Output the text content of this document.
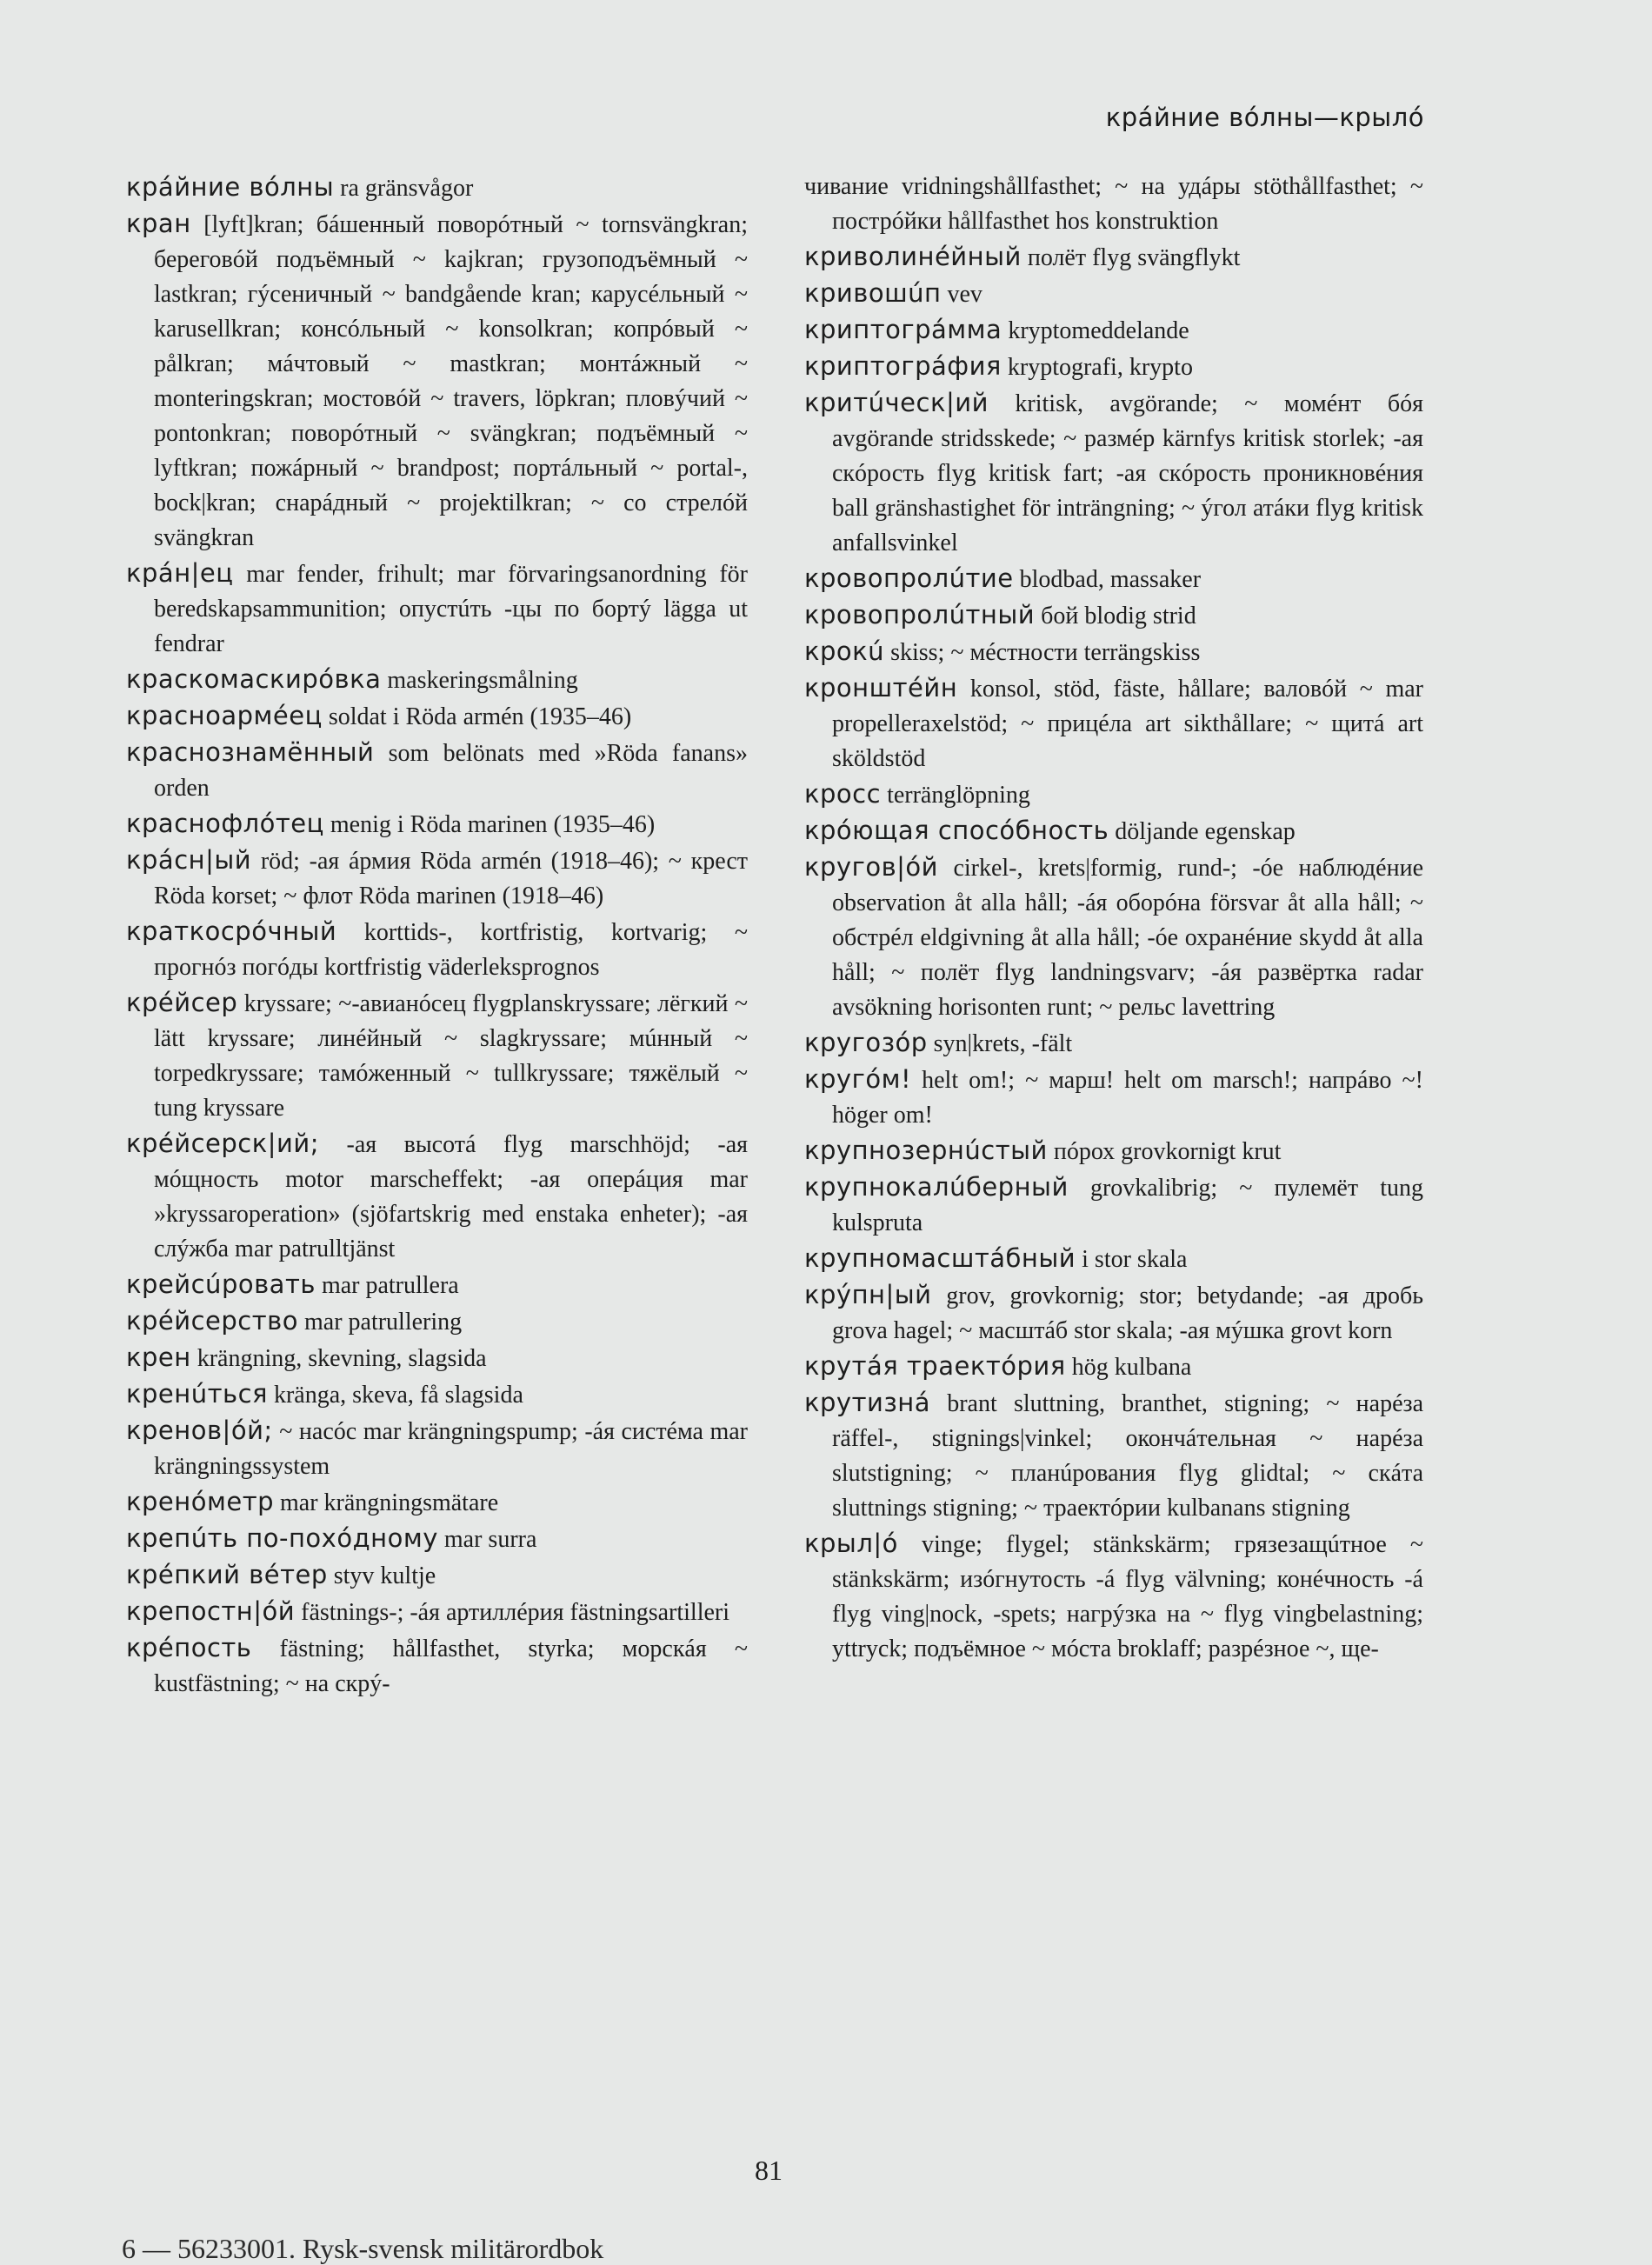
крáйние вóлны—крылó
крáйние вóлны ra gränsvågor
кран [lyft]kran; бáшенный поворóтный ~ tornsvängkran; береговóй подъёмный ~ kajkran; грузоподъёмный ~ lastkran; гýсеничный ~ bandgående kran; карусéльный ~ karusellkran; консóльный ~ konsolkran; копрóвый ~ pålkran; мáчтовый ~ mastkran; монтáжный ~ monteringskran; мостовóй ~ travers, löpkran; пловýчий ~ pontonkran; поворóтный ~ svängkran; подъёмный ~ lyftkran; пожáрный ~ brandpost; портáльный ~ portal-, bock|kran; снарáдный ~ projektilkran; ~ со стрелóй svängkran
крáн|ец mar fender, frihult; mar förvaringsanordning för beredskapsammunition; опустúть -цы по бортý lägga ut fendrar
краскомаскирóвка maskeringsmålning
красноармéец soldat i Röda armén (1935–46)
краснознамённый som belönats med »Röda fanans» orden
краснофлóтец menig i Röda marinen (1935–46)
крáсн|ый röd; -ая áрмия Röda armén (1918–46); ~ крест Röda korset; ~ флот Röda marinen (1918–46)
краткосрóчный korttids-, kortfristig, kortvarig; ~ прогнóз погóды kortfristig väderleksprognos
крéйсер kryssare; ~-авианóсец flygplanskryssare; лёгкий ~ lätt kryssare; линéйный ~ slagkryssare; мúнный ~ torpedkryssare; тамóженный ~ tullkryssare; тяжёлый ~ tung kryssare
крéйсерск|ий; -ая высотá flyg marschhöjd; -ая мóщность motor marscheffekt; -ая оперáция mar »kryssaroperation» (sjöfartskrig med enstaka enheter); -ая слýжба mar patrulltjänst
крейсúровать mar patrullera
крéйсерство mar patrullering
крен krängning, skevning, slagsida
кренúться kränga, skeva, få slagsida
кренов|óй; ~ насóс mar krängningspump; -áя систéма mar krängningssystem
кренóметр mar krängningsmätare
крепúть по-похóдному mar surra
крéпкий вéтер styv kultje
крепостн|óй fästnings-; -áя артиллéрия fästningsartilleri
крéпость fästning; hållfasthet, styrka; морскáя ~ kustfästning; ~ на скрý-
чивание vridningshållfasthet; ~ на удáры stöthållfasthet; ~ пострóйки hållfasthet hos konstruktion
криволинéйный полёт flyg svängflykt
кривошúп vev
криптогрáмма kryptomeddelande
криптогрáфия kryptografi, krypto
критúческ|ий kritisk, avgörande; ~ момéнт бóя avgörande stridsskede; ~ размéр kärnfys kritisk storlek; -ая скóрость flyg kritisk fart; -ая скóрость проникновéния ball gränshastighet för inträngning; ~ ýгол атáки flyg kritisk anfallsvinkel
кровопролúтие blodbad, massaker
кровопролúтный бой blodig strid
крокú skiss; ~ мéстности terrängskiss
кронштéйн konsol, stöd, fäste, hållare; валовóй ~ mar propelleraxelstöd; ~ прицéла art sikthållare; ~ щитá art sköldstöd
кросс terränglöpning
крóющая спосóбность döljande egenskap
кругов|óй cirkel-, krets|formig, rund-; -óе наблюдéние observation åt alla håll; -áя оборóна försvar åt alla håll; ~ обстрéл eldgivning åt alla håll; -óе охранéние skydd åt alla håll; ~ полёт flyg landningsvarv; -áя развёртка radar avsökning horisonten runt; ~ рельс lavettring
кругозóр syn|krets, -fält
кругóм! helt om!; ~ марш! helt om marsch!; напрáво ~! höger om!
крупнозернúстый пóрох grovkornigt krut
крупнокалúберный grovkalibrig; ~ пулемёт tung kulspruta
крупномасштáбный i stor skala
крýпн|ый grov, grovkornig; stor; betydande; -ая дробь grova hagel; ~ масштáб stor skala; -ая мýшка grovt korn
крутáя траектóрия hög kulbana
крутизнá brant sluttning, branthet, stigning; ~ нарéза räffel-, stignings|vinkel; окончáтельная ~ нарéза slutstigning; ~ планúрования flyg glidtal; ~ скáта sluttnings stigning; ~ траектóрии kulbanans stigning
крыл|ó vinge; flygel; stänkskärm; грязезащúтное ~ stänkskärm; изóгнутость -á flyg välvning; конéчность -á flyg ving|nock, -spets; нагрýзка на ~ flyg vingbelastning; yttryck; подъёмное ~ мóста broklaff; разрéзное ~, ще-
81
6 — 56233001. Rysk-svensk militärordbok
